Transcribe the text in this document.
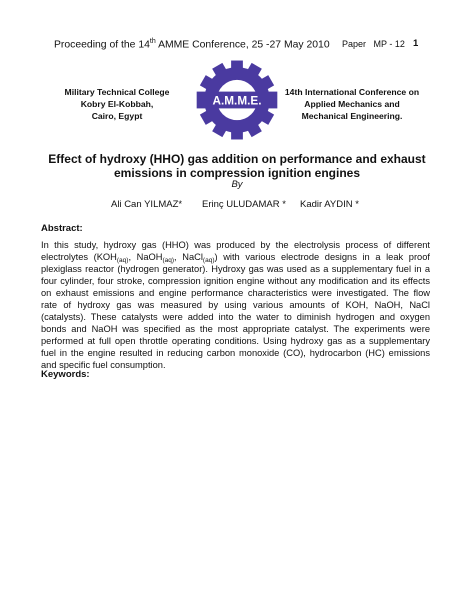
Proceeding of the 14th AMME Conference, 25 -27 May 2010 Paper   MP - 12 1
Military Technical College
Kobry El-Kobbah,
Cairo, Egypt
A.M.M.E.
14th International Conference on
Applied Mechanics and
Mechanical Engineering.
Effect of hydroxy (HHO) gas addition on performance and exhaust
emissions in compression ignition engines
By
Ali Can YILMAZ* Erinç ULUDAMAR * Kadir AYDIN *
Abstract:
In this study, hydroxy gas (HHO) was produced by the electrolysis process of different
electrolytes ($KOH_{(aq)}$, NaOH$_{(aq)}$, NaCl$_{(aq)}$) with various electrode designs in a leak proof
plexiglass reactor (hydrogen generator). Hydroxy gas was used as a supplementary fuel in a
four cylinder, four stroke, compression ignition engine without any modification and its effects
on exhaust emissions and engine performance characteristics were investigated. The flow
rate of hydroxy gas was measured by using various amounts of KOH, NaOH, NaCl
(catalysts). These catalysts were added into the water to diminish hydrogen and oxygen
bonds and NaOH was specified as the most appropriate catalyst. The experiments were
performed at full open throttle operating conditions. Using hydroxy gas as a supplementary
fuel in the engine resulted in reducing carbon monoxide (CO), hydrocarbon (HC) emissions
and specific fuel consumption.
Keywords:
